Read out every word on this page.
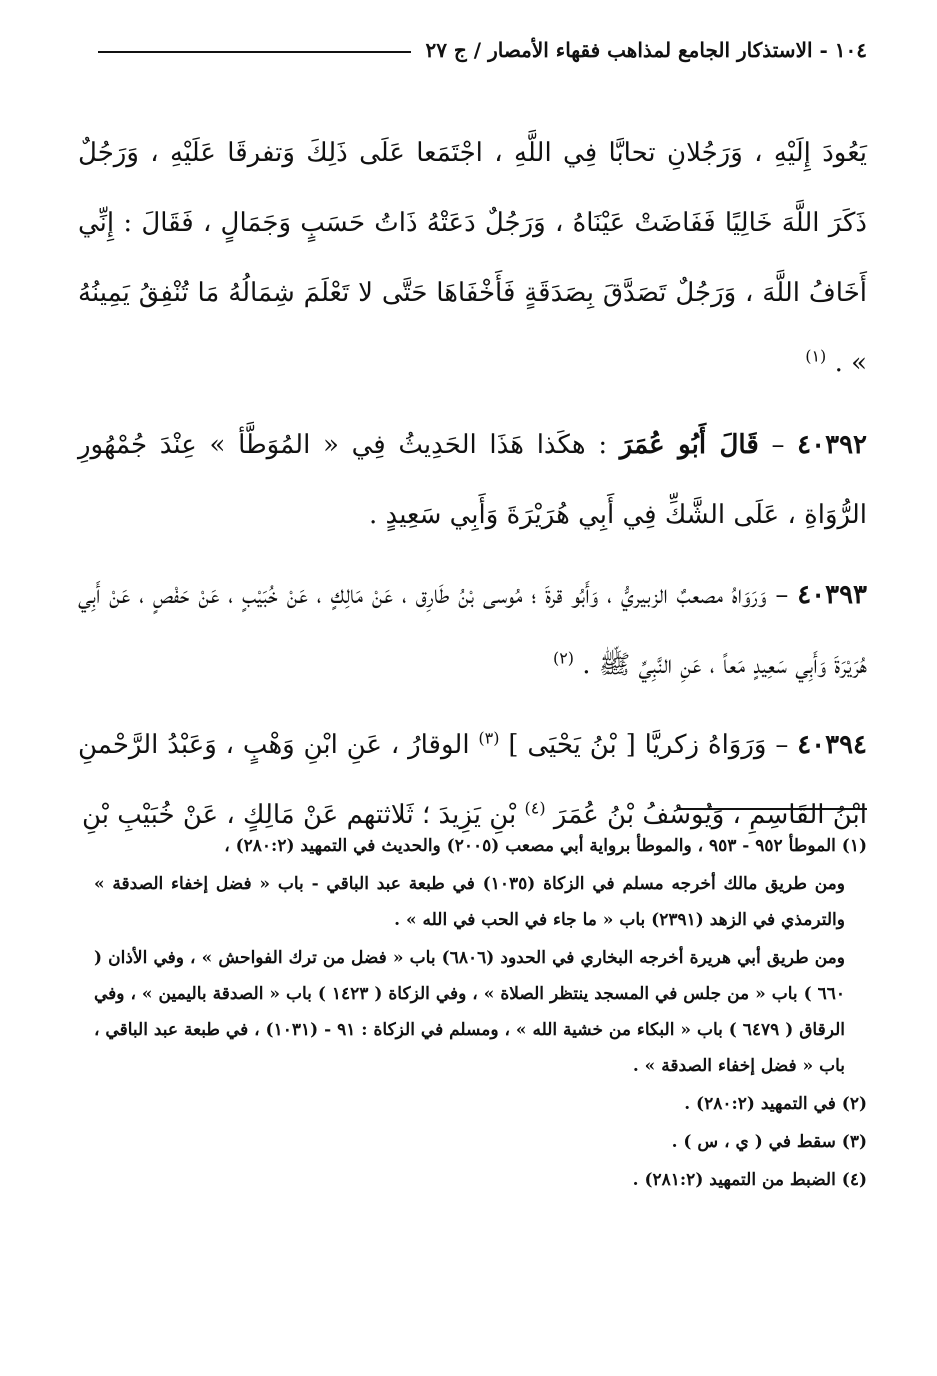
١٠٤ - الاستذكار الجامع لمذاهب فقهاء الأمصار / ج ٢٧

يَعُودَ إِلَيْهِ ، وَرَجُلانِ تحابَّا فِي اللَّهِ ، اجْتَمَعا عَلَى ذَلِكَ وَتفرقَا عَلَيْهِ ، وَرَجُلٌ ذَكَرَ اللَّهَ خَالِيًا فَفَاضَتْ عَيْنَاهُ ، وَرَجُلٌ دَعَتْهُ ذَاتُ حَسَبٍ وَجَمَالٍ ، فَقَالَ : إِنِّي أَخَافُ اللَّهَ ، وَرَجُلٌ تَصَدَّقَ بِصَدَقَةٍ فَأَخْفَاهَا حَتَّى لا تَعْلَمَ شِمَالُهُ مَا تُنْفِقُ يَمِينُهُ » . $^{(١)}$

٤٠٣٩٢ – قَالَ أَبُو عُمَرَ : هكَذا هَذَا الحَدِيثُ فِي « المُوَطَّأ » عِنْدَ جُمْهُورِ الرُّوَاةِ ، عَلَى الشَّكِّ فِي أَبِي هُرَيْرَةَ وَأَبِي سَعِيدٍ .

٤٠٣٩٣ – وَرَوَاهُ مصعبٌ الزبيريُّ ، وَأَبُو قرةَ ؛ مُوسى بْنُ طَارِق ، عَنْ مَالِكٍ ، عَنْ خُبَيْبٍ ، عَنْ حَفْصٍ ، عَنْ أَبِي هُرَيْرَةَ وَأَبِي سَعِيدٍ مَعاً ، عَنِ النَّبِيِّ ﷺ . $^{(٢)}$

٤٠٣٩٤ – وَرَوَاهُ زكريَّا [ بْنُ يَحْيَى ] $^{(٣)}$ الوقارُ ، عَنِ ابْنِ وَهْبٍ ، وَعَبْدُ الرَّحْمنِ ابْنُ القَاسِمِ ، وَيُوسُفُ بْنُ عُمَرَ $^{(٤)}$ بْنِ يَزِيدَ ؛ ثَلاثتهم عَنْ مَالِكٍ ، عَنْ خُبَيْبِ بْنِ

(١) الموطأ ٩٥٢ - ٩٥٣ ، والموطأ برواية أبي مصعب (٢٠٠٥) والحديث في التمهيد (٢٨٠:٢) ،

ومن طريق مالك أخرجه مسلم في الزكاة (١٠٣٥) في طبعة عبد الباقي - باب « فضل إخفاء الصدقة » والترمذي في الزهد (٢٣٩١) باب « ما جاء في الحب في الله » .

ومن طريق أبي هريرة أخرجه البخاري في الحدود (٦٨٠٦) باب « فضل من ترك الفواحش » ، وفي الأذان ( ٦٦٠ ) باب « من جلس في المسجد ينتظر الصلاة » ، وفي الزكاة ( ١٤٢٣ ) باب « الصدقة باليمين » ، وفي الرقاق ( ٦٤٧٩ ) باب « البكاء من خشية الله » ، ومسلم في الزكاة : ٩١ - (١٠٣١) ، في طبعة عبد الباقي ، باب « فضل إخفاء الصدقة » .

(٢) في التمهيد (٢٨٠:٢) .

(٣) سقط في ( ي ، س ) .

(٤) الضبط من التمهيد (٢٨١:٢) .
